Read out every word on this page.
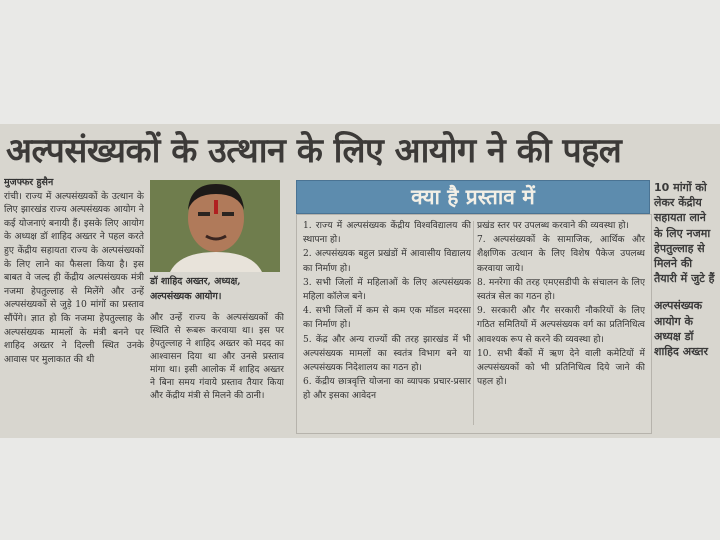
अल्पसंख्यकों के उत्थान के लिए आयोग ने की पहल
मुजफ्फर हुसैन

रांची। राज्य में अल्पसंख्यकों के उत्थान के लिए झारखंड राज्य अल्पसंख्यक आयोग ने कई योजनाएं बनायी हैं। इसके लिए आयोग के अध्यक्ष डॉ शाहिद अख्तर ने पहल करते हुए केंद्रीय सहायता राज्य के अल्पसंख्यकों के लिए लाने का फैसला किया है। इस बाबत वे जल्द ही केंद्रीय अल्पसंख्यक मंत्री नजमा हेपतुल्लाह से मिलेंगे और उन्हें अल्पसंख्यकों से जुड़े 10 मांगों का प्रस्ताव सौंपेंगे। ज्ञात हो कि नजमा हेपतुल्लाह के अल्पसंख्यक मामलों के मंत्री बनने पर शाहिद अख्तर ने दिल्ली स्थित उनके आवास पर मुलाकात की थी

डॉ शाहिद अख्तर, अध्यक्ष, अल्पसंख्यक आयोग।

और उन्हें राज्य के अल्पसंख्यकों की स्थिति से रूबरू करवाया था। इस पर हेपतुल्लाह ने शाहिद अख्तर को मदद का आश्वासन दिया था और उनसे प्रस्ताव मांगा था। इसी आलोक में शाहिद अख्तर ने बिना समय गंवाये प्रस्ताव तैयार किया और केंद्रीय मंत्री से मिलने की ठानी।

क्या है प्रस्ताव में

1. राज्य में अल्पसंख्यक केंद्रीय विश्वविद्यालय की स्थापना हो।

2. अल्पसंख्यक बहुल प्रखंडों में आवासीय विद्यालय का निर्माण हो।

3. सभी जिलों में महिलाओं के लिए अल्पसंख्यक महिला कॉलेज बने।

4. सभी जिलों में कम से कम एक मॉडल मदरसा का निर्माण हो।

5. केंद्र और अन्य राज्यों की तरह झारखंड में भी अल्पसंख्यक मामलों का स्वतंत्र विभाग बने या अल्पसंख्यक निदेशालय का गठन हो।

6. केंद्रीय छात्रवृत्ति योजना का व्यापक प्रचार-प्रसार हो और इसका आवेदन

प्रखंड स्तर पर उपलब्ध करवाने की व्यवस्था हो।

7. अल्पसंख्यकों के सामाजिक, आर्थिक और शैक्षणिक उत्थान के लिए विशेष पैकेज उपलब्ध करवाया जाये।

8. मनरेगा की तरह एमएसडीपी के संचालन के लिए स्वतंत्र सेल का गठन हो।

9. सरकारी और गैर सरकारी नौकरियों के लिए गठित समितियों में अल्पसंख्यक वर्ग का प्रतिनिधित्व आवश्यक रूप से करने की व्यवस्था हो।

10. सभी बैंकों में ऋण देने वाली कमेटियों में अल्पसंख्यकों को भी प्रतिनिधित्व दिये जाने की पहल हो।

10 मांगों को लेकर केंद्रीय सहायता लाने के लिए नजमा हेपतुल्लाह से मिलने की तैयारी में जुटे हैं

अल्पसंख्यक आयोग के अध्यक्ष डॉ शाहिद अख्तर
